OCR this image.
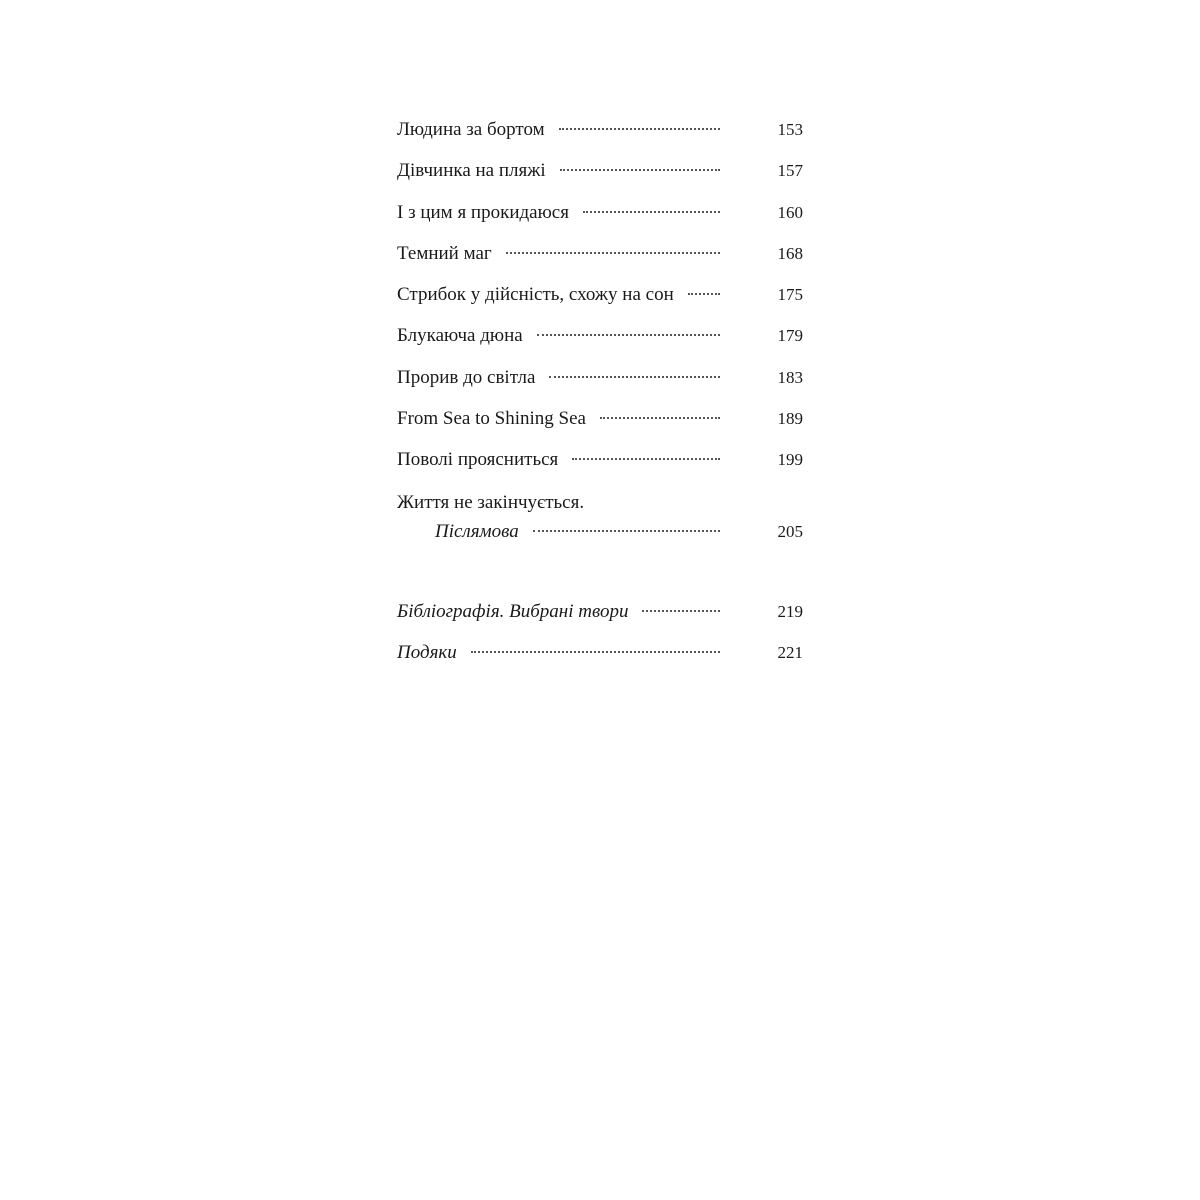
Людина за бортом	153
Дівчинка на пляжі	157
І з цим я прокидаюся	160
Темний маг	168
Стрибок у дійсність, схожу на сон	175
Блукаюча дюна	179
Прорив до світла	183
From Sea to Shining Sea	189
Поволі проясниться	199
Життя не закінчується.
Післямова	205
Бібліографія. Вибрані твори	219
Подяки	221
